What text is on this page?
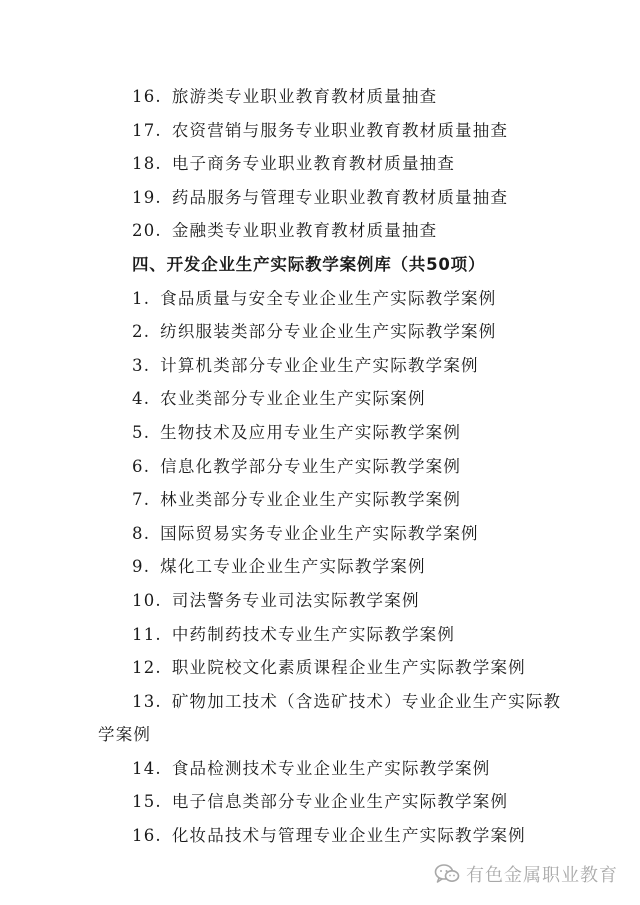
16. 旅游类专业职业教育教材质量抽查
17. 农资营销与服务专业职业教育教材质量抽查
18. 电子商务专业职业教育教材质量抽查
19. 药品服务与管理专业职业教育教材质量抽查
20. 金融类专业职业教育教材质量抽查
四、开发企业生产实际教学案例库（共50项）
1. 食品质量与安全专业企业生产实际教学案例
2. 纺织服装类部分专业企业生产实际教学案例
3. 计算机类部分专业企业生产实际教学案例
4. 农业类部分专业企业生产实际案例
5. 生物技术及应用专业生产实际教学案例
6. 信息化教学部分专业生产实际教学案例
7. 林业类部分专业企业生产实际教学案例
8. 国际贸易实务专业企业生产实际教学案例
9. 煤化工专业企业生产实际教学案例
10. 司法警务专业司法实际教学案例
11. 中药制药技术专业生产实际教学案例
12. 职业院校文化素质课程企业生产实际教学案例
13. 矿物加工技术（含选矿技术）专业企业生产实际教
学案例
14. 食品检测技术专业企业生产实际教学案例
15. 电子信息类部分专业企业生产实际教学案例
16. 化妆品技术与管理专业企业生产实际教学案例
有色金属职业教育
